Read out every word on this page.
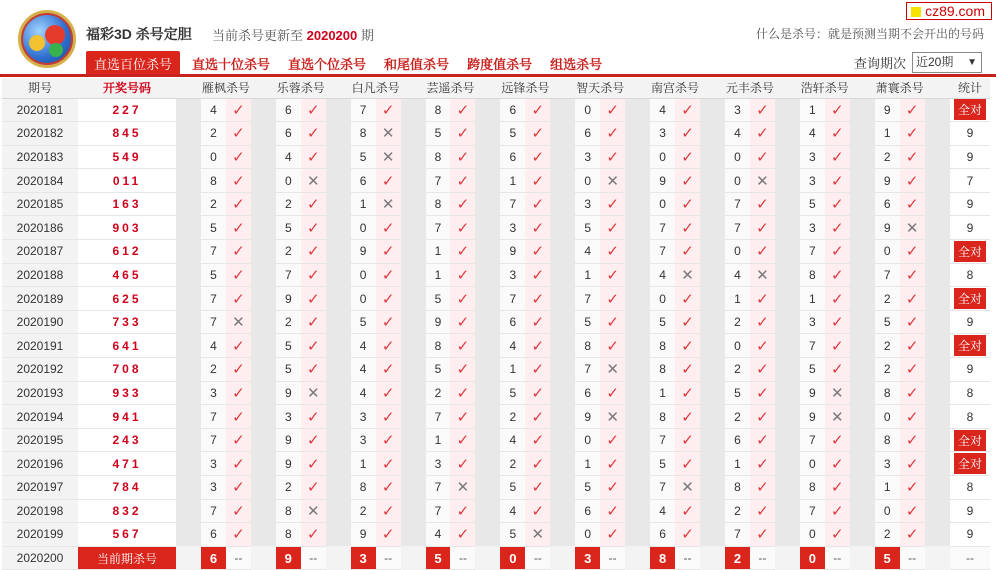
福彩3D 杀号定胆 当前杀号更新至 2020200 期
cz89.com
什么是杀号：就是预测当期不会开出的号码
直选百位杀号	直选十位杀号 直选个位杀号 和尾值杀号 跨度值杀号 组选杀号	查询期次 近20期 ▼
期号	开奖号码		雁枫杀号			乐蓉杀号			白凡杀号			芸遥杀号			远锋杀号			智天杀号			南宫杀号			元丰杀号			浩轩杀号			萧寰杀号			统计
2020181	227		4	✓		6	✓		7	✓		8	✓		6	✓		0	✓		4	✓		3	✓		1	✓		9	✓		全对
2020182	845		2	✓		6	✓		8	✕		5	✓		5	✓		6	✓		3	✓		4	✓		4	✓		1	✓		9
2020183	549		0	✓		4	✓		5	✕		8	✓		6	✓		3	✓		0	✓		0	✓		3	✓		2	✓		9
2020184	011		8	✓		0	✕		6	✓		7	✓		1	✓		0	✕		9	✓		0	✕		3	✓		9	✓		7
2020185	163		2	✓		2	✓		1	✕		8	✓		7	✓		3	✓		0	✓		7	✓		5	✓		6	✓		9
2020186	903		5	✓		5	✓		0	✓		7	✓		3	✓		5	✓		7	✓		7	✓		3	✓		9	✕		9
2020187	612		7	✓		2	✓		9	✓		1	✓		9	✓		4	✓		7	✓		0	✓		7	✓		0	✓		全对
2020188	465		5	✓		7	✓		0	✓		1	✓		3	✓		1	✓		4	✕		4	✕		8	✓		7	✓		8
2020189	625		7	✓		9	✓		0	✓		5	✓		7	✓		7	✓		0	✓		1	✓		1	✓		2	✓		全对
2020190	733		7	✕		2	✓		5	✓		9	✓		6	✓		5	✓		5	✓		2	✓		3	✓		5	✓		9
2020191	641		4	✓		5	✓		4	✓		8	✓		4	✓		8	✓		8	✓		0	✓		7	✓		2	✓		全对
2020192	708		2	✓		5	✓		4	✓		5	✓		1	✓		7	✕		8	✓		2	✓		5	✓		2	✓		9
2020193	933		3	✓		9	✕		4	✓		2	✓		5	✓		6	✓		1	✓		5	✓		9	✕		8	✓		8
2020194	941		7	✓		3	✓		3	✓		7	✓		2	✓		9	✕		8	✓		2	✓		9	✕		0	✓		8
2020195	243		7	✓		9	✓		3	✓		1	✓		4	✓		0	✓		7	✓		6	✓		7	✓		8	✓		全对
2020196	471		3	✓		9	✓		1	✓		3	✓		2	✓		1	✓		5	✓		1	✓		0	✓		3	✓		全对
2020197	784		3	✓		2	✓		8	✓		7	✕		5	✓		5	✓		7	✕		8	✓		8	✓		1	✓		8
2020198	832		7	✓		8	✕		2	✓		7	✓		4	✓		6	✓		4	✓		2	✓		7	✓		0	✓		9
2020199	567		6	✓		8	✓		9	✓		4	✓		5	✕		0	✓		6	✓		7	✓		0	✓		2	✓		9
2020200	当前期杀号		6	--		9	--		3	--		5	--		0	--		3	--		8	--		2	--		0	--		5	--		--
